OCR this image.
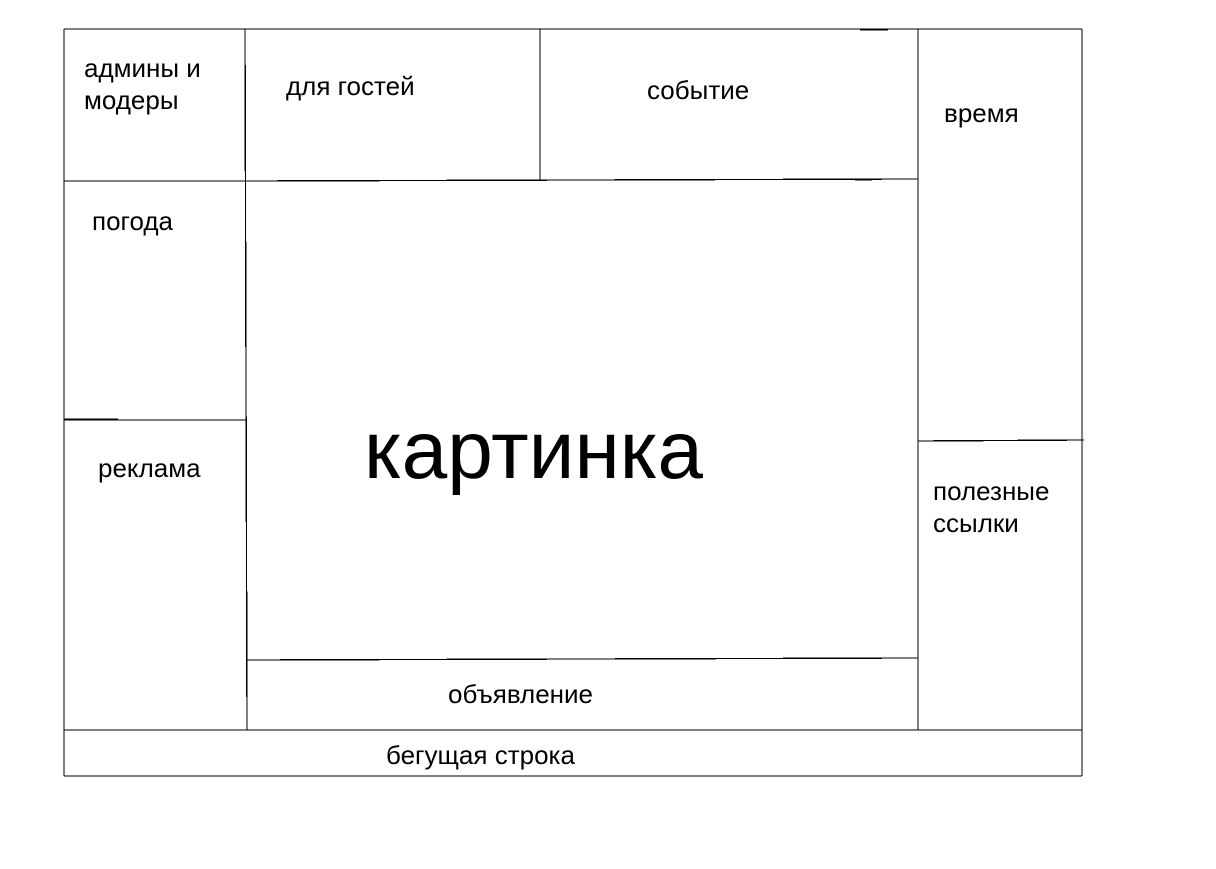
админы и
модеры	для гостей	событие

время

погода

реклама картинка	полезные
ссылки

объявление

бегущая строка
